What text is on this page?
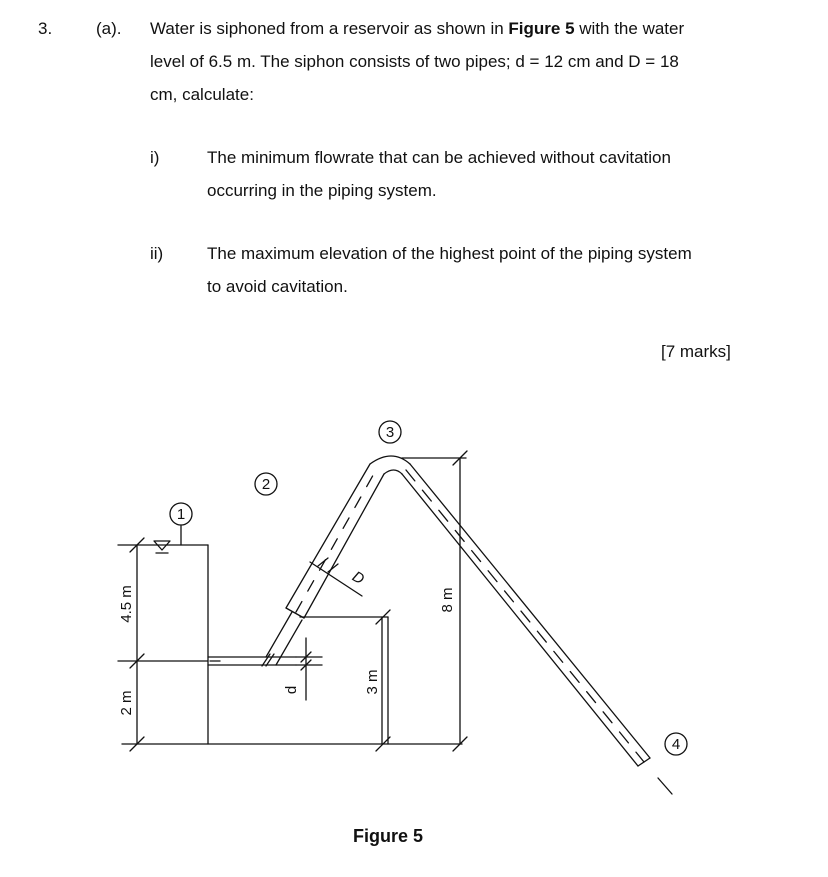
3.	(a). Water is siphoned from a reservoir as shown in Figure 5 with the water
level of 6.5 m. The siphon consists of two pipes; d = 12 cm and D = 18
cm, calculate:
i)	The minimum flowrate that can be achieved without cavitation
occurring in the piping system.
ii)	The maximum elevation of the highest point of the piping system
to avoid cavitation.
[7 marks]
1
2
3
4
4.5 m
2 m
3 m
8 m
d
D
Figure 5
